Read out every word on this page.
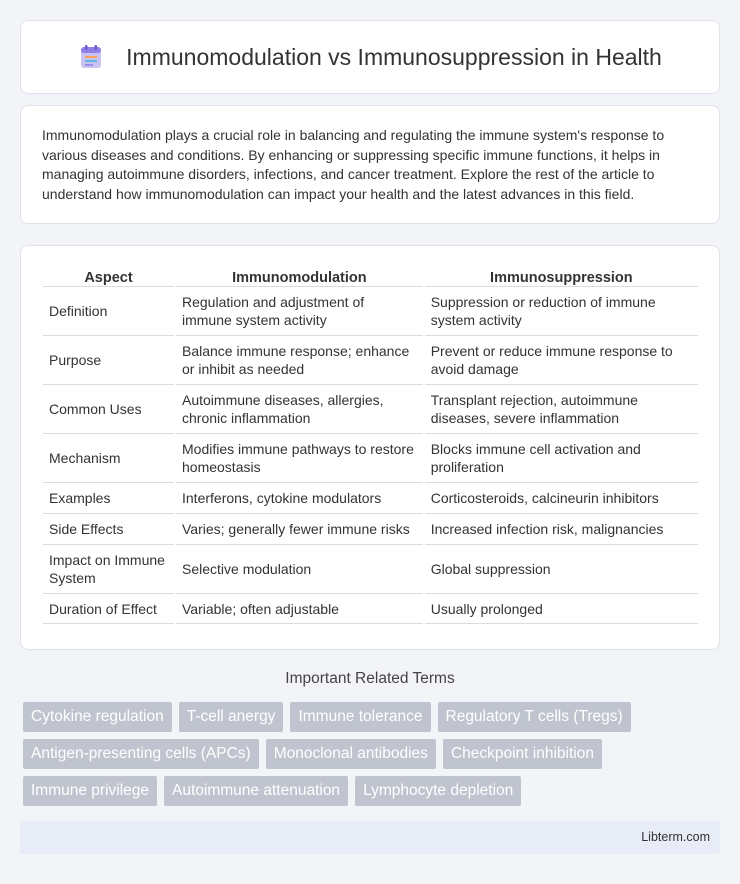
Immunomodulation vs Immunosuppression in Health

Immunomodulation plays a crucial role in balancing and regulating the immune system's response to various diseases and conditions. By enhancing or suppressing specific immune functions, it helps in managing autoimmune disorders, infections, and cancer treatment. Explore the rest of the article to understand how immunomodulation can impact your health and the latest advances in this field.

Aspect	Immunomodulation	Immunosuppression
Definition	Regulation and adjustment of immune system activity	Suppression or reduction of immune system activity
Purpose	Balance immune response; enhance or inhibit as needed	Prevent or reduce immune response to avoid damage
Common Uses	Autoimmune diseases, allergies, chronic inflammation	Transplant rejection, autoimmune diseases, severe inflammation
Mechanism	Modifies immune pathways to restore homeostasis	Blocks immune cell activation and proliferation
Examples	Interferons, cytokine modulators	Corticosteroids, calcineurin inhibitors
Side Effects	Varies; generally fewer immune risks	Increased infection risk, malignancies
Impact on Immune System	Selective modulation	Global suppression
Duration of Effect	Variable; often adjustable	Usually prolonged
Important Related Terms
Cytokine regulation	T-cell anergy	Immune tolerance	Regulatory T cells (Tregs)
Antigen-presenting cells (APCs)	Monoclonal antibodies	Checkpoint inhibition
Immune privilege	Autoimmune attenuation	Lymphocyte depletion
Libterm.com
